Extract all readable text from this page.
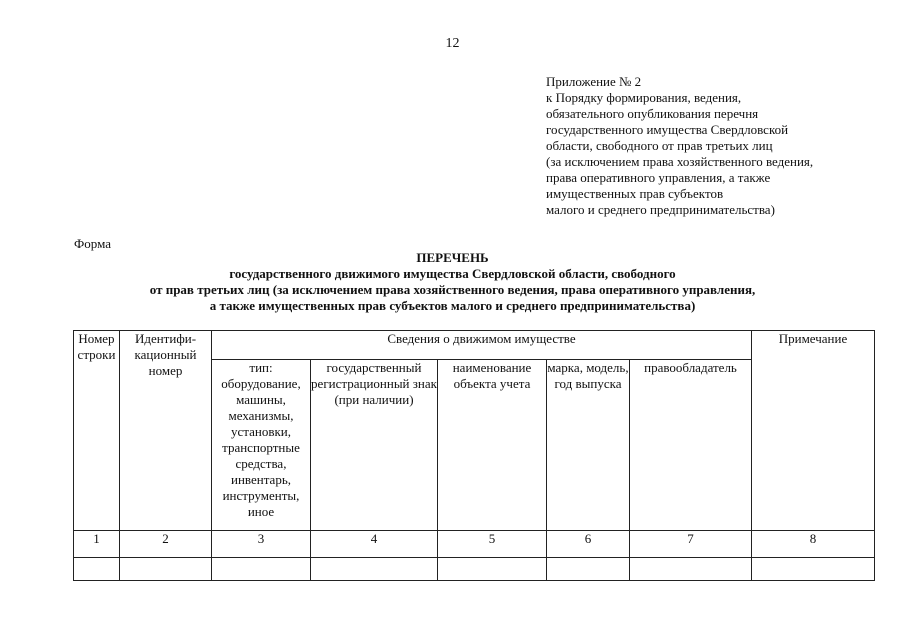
12
Приложение № 2
к Порядку формирования, ведения,
обязательного опубликования перечня
государственного имущества Свердловской
области, свободного от прав третьих лиц
(за исключением права хозяйственного ведения,
права оперативного управления, а также
имущественных прав субъектов
малого и среднего предпринимательства)
Форма
ПЕРЕЧЕНЬ
государственного движимого имущества Свердловской области, свободного
от прав третьих лиц (за исключением права хозяйственного ведения, права оперативного управления,
а также имущественных прав субъектов малого и среднего предпринимательства)
Номер строки	Идентифи-кационный номер	Сведения о движимом имуществе					Примечание
		тип: оборудование, машины, механизмы, установки, транспортные средства, инвентарь, инструменты, иное	государственный регистрационный знак (при наличии)	наименование объекта учета	марка, модель, год выпуска	правообладатель	
1	2	3	4	5	6	7	8
